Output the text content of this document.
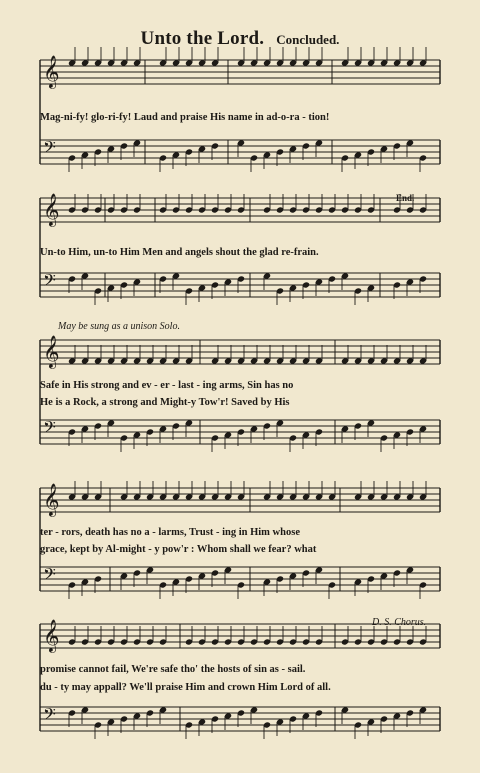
Unto the Lord. Concluded.
𝄞
𝄢
𝄞
𝄢
𝄞
𝄢
𝄞
𝄢
𝄞
𝄢
End.
May be sung as a unison Solo.
D. S. Chorus.
Mag-ni-fy! glo-ri-fy! Laud and praise His name in ad-o-ra - tion!
Un-to Him, un-to Him Men and angels shout the glad re-frain.
Safe in His strong and ev - er - last - ing arms, Sin has no
He is a Rock, a strong and Might-y Tow'r! Saved by His
ter - rors, death has no a - larms, Trust - ing in Him whose
grace, kept by Al-might - y pow'r : Whom shall we fear? what
promise cannot fail, We're safe tho' the hosts of sin as - sail.
du - ty may appall? We'll praise Him and crown Him Lord of all.
